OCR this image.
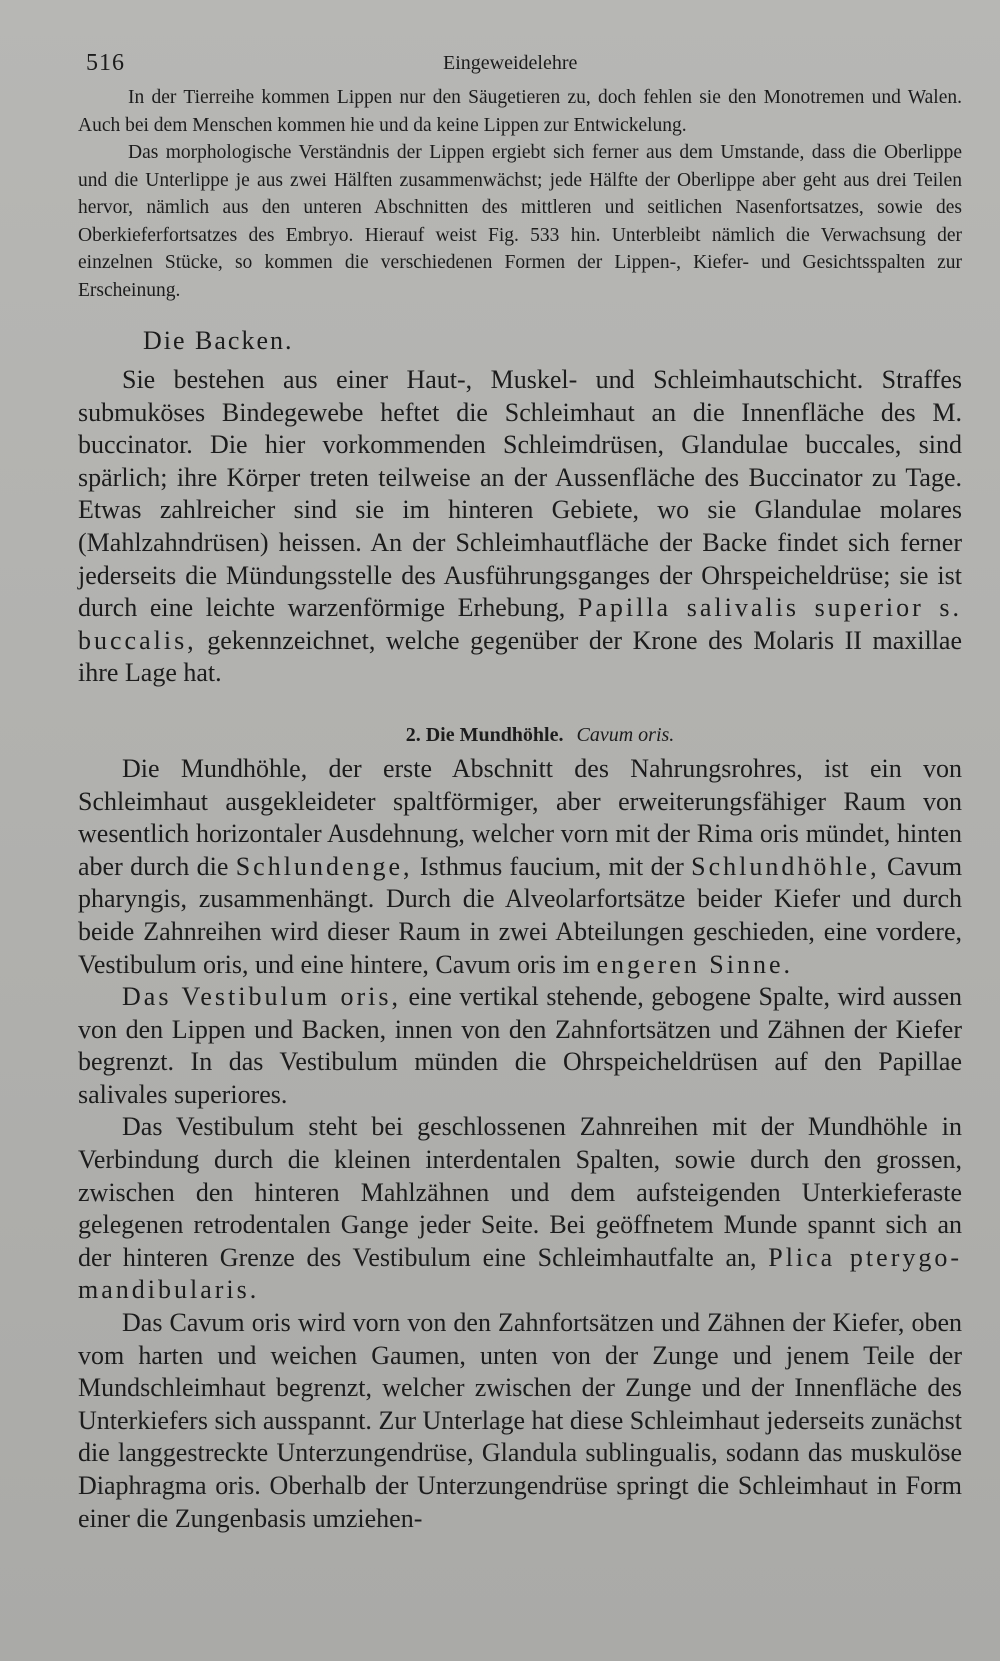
516	Eingeweidelehre

In der Tierreihe kommen Lippen nur den Säugetieren zu, doch fehlen sie den Monotremen und Walen. Auch bei dem Menschen kommen hie und da keine Lippen zur Entwickelung.

Das morphologische Verständnis der Lippen ergiebt sich ferner aus dem Umstande, dass die Oberlippe und die Unterlippe je aus zwei Hälften zusammenwächst; jede Hälfte der Oberlippe aber geht aus drei Teilen hervor, nämlich aus den unteren Abschnitten des mittleren und seitlichen Nasenfortsatzes, sowie des Oberkieferfortsatzes des Embryo. Hierauf weist Fig. 533 hin. Unterbleibt nämlich die Verwachsung der einzelnen Stücke, so kommen die verschiedenen Formen der Lippen-, Kiefer- und Gesichtsspalten zur Erscheinung.

Die Backen.

Sie bestehen aus einer Haut-, Muskel- und Schleimhautschicht. Straffes submuköses Bindegewebe heftet die Schleimhaut an die Innenfläche des M. buccinator. Die hier vorkommenden Schleimdrüsen, Glandulae buccales, sind spärlich; ihre Körper treten teilweise an der Aussenfläche des Buccinator zu Tage. Etwas zahlreicher sind sie im hinteren Gebiete, wo sie Glandulae molares (Mahlzahndrüsen) heissen. An der Schleimhautfläche der Backe findet sich ferner jederseits die Mündungsstelle des Ausführungsganges der Ohrspeicheldrüse; sie ist durch eine leichte warzenförmige Erhebung, Papilla salivalis superior s. buccalis, gekennzeichnet, welche gegenüber der Krone des Molaris II maxillae ihre Lage hat.

2. Die Mundhöhle. Cavum oris.

Die Mundhöhle, der erste Abschnitt des Nahrungsrohres, ist ein von Schleimhaut ausgekleideter spaltförmiger, aber erweiterungsfähiger Raum von wesentlich horizontaler Ausdehnung, welcher vorn mit der Rima oris mündet, hinten aber durch die Schlundenge, Isthmus faucium, mit der Schlundhöhle, Cavum pharyngis, zusammenhängt. Durch die Alveolarfortsätze beider Kiefer und durch beide Zahnreihen wird dieser Raum in zwei Abteilungen geschieden, eine vordere, Vestibulum oris, und eine hintere, Cavum oris im engeren Sinne.

Das Vestibulum oris, eine vertikal stehende, gebogene Spalte, wird aussen von den Lippen und Backen, innen von den Zahnfortsätzen und Zähnen der Kiefer begrenzt. In das Vestibulum münden die Ohrspeicheldrüsen auf den Papillae salivales superiores.

Das Vestibulum steht bei geschlossenen Zahnreihen mit der Mundhöhle in Verbindung durch die kleinen interdentalen Spalten, sowie durch den grossen, zwischen den hinteren Mahlzähnen und dem aufsteigenden Unterkieferaste gelegenen retrodentalen Gange jeder Seite. Bei geöffnetem Munde spannt sich an der hinteren Grenze des Vestibulum eine Schleimhautfalte an, Plica pterygo-mandibularis.

Das Cavum oris wird vorn von den Zahnfortsätzen und Zähnen der Kiefer, oben vom harten und weichen Gaumen, unten von der Zunge und jenem Teile der Mundschleimhaut begrenzt, welcher zwischen der Zunge und der Innenfläche des Unterkiefers sich ausspannt. Zur Unterlage hat diese Schleimhaut jederseits zunächst die langgestreckte Unterzungendrüse, Glandula sublingualis, sodann das muskulöse Diaphragma oris. Oberhalb der Unterzungendrüse springt die Schleimhaut in Form einer die Zungenbasis umziehen-
